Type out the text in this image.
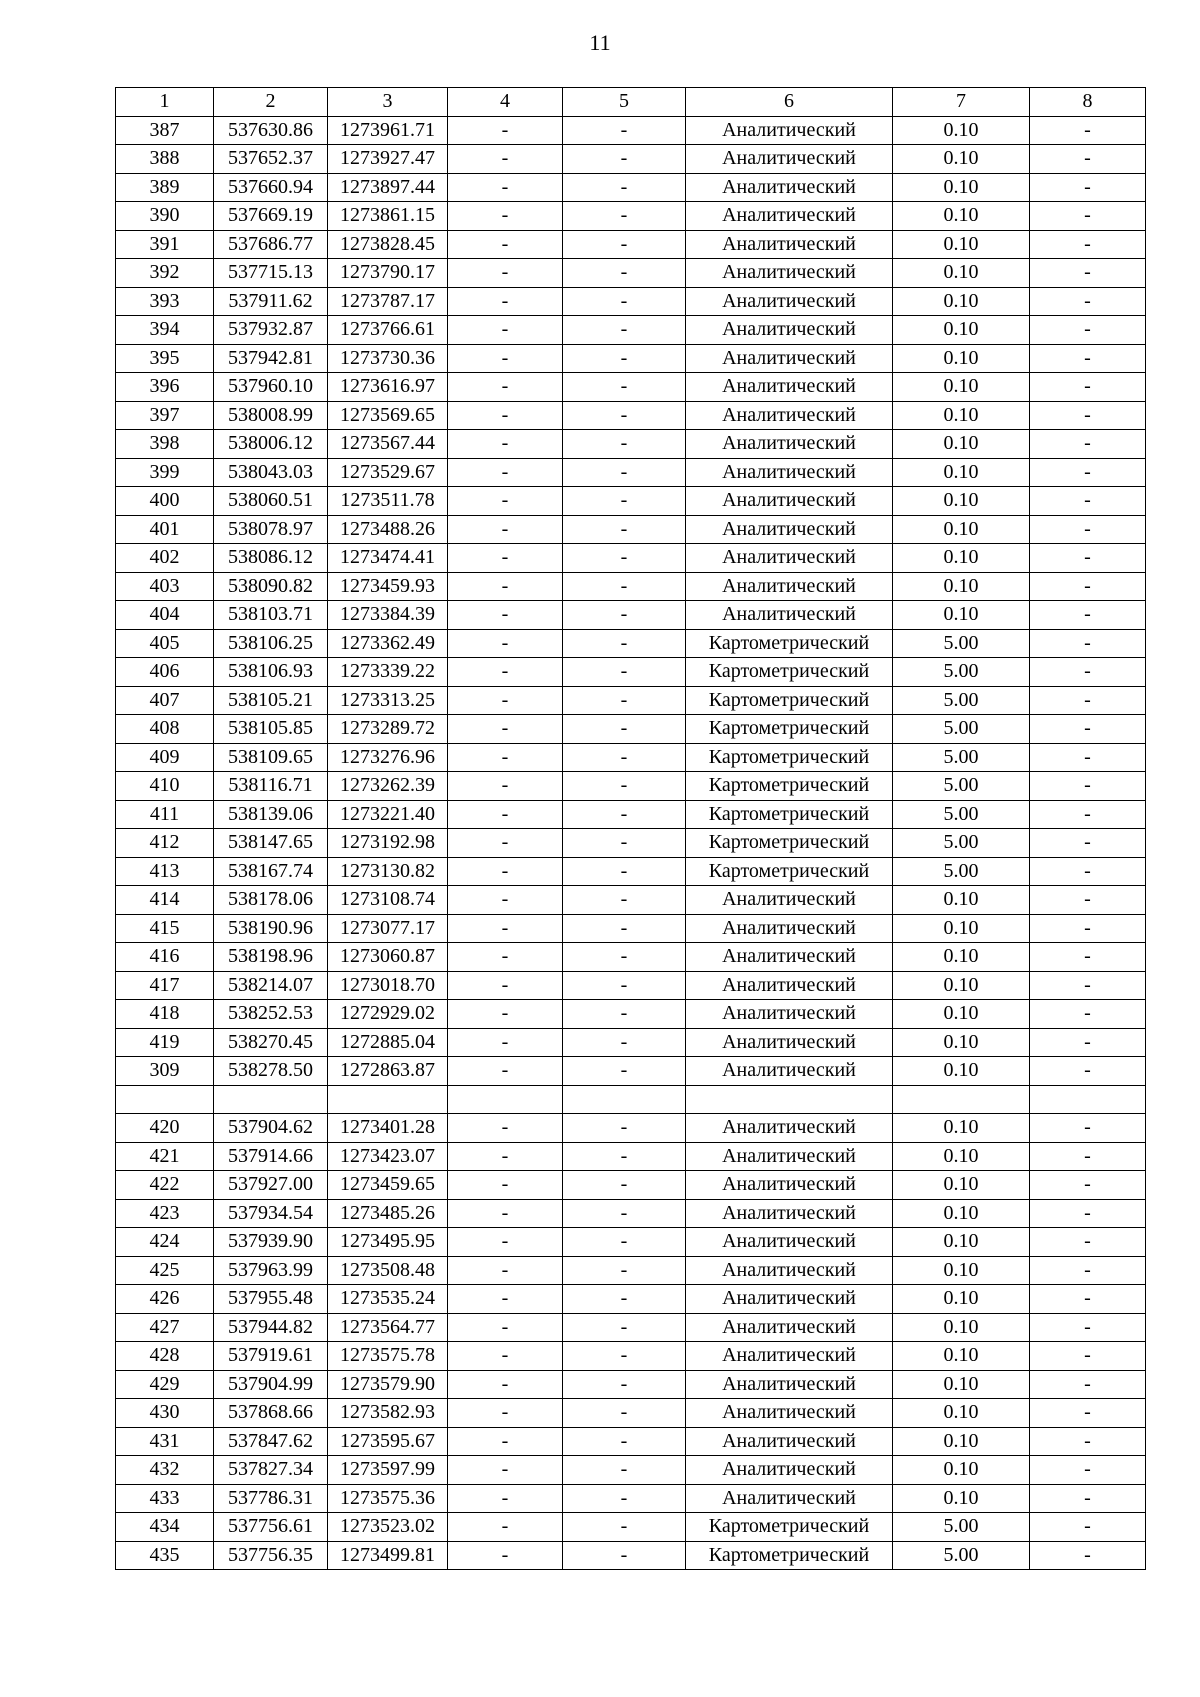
11
1	2	3	4	5	6	7	8
387	537630.86	1273961.71	-	-	Аналитический	0.10	-
388	537652.37	1273927.47	-	-	Аналитический	0.10	-
389	537660.94	1273897.44	-	-	Аналитический	0.10	-
390	537669.19	1273861.15	-	-	Аналитический	0.10	-
391	537686.77	1273828.45	-	-	Аналитический	0.10	-
392	537715.13	1273790.17	-	-	Аналитический	0.10	-
393	537911.62	1273787.17	-	-	Аналитический	0.10	-
394	537932.87	1273766.61	-	-	Аналитический	0.10	-
395	537942.81	1273730.36	-	-	Аналитический	0.10	-
396	537960.10	1273616.97	-	-	Аналитический	0.10	-
397	538008.99	1273569.65	-	-	Аналитический	0.10	-
398	538006.12	1273567.44	-	-	Аналитический	0.10	-
399	538043.03	1273529.67	-	-	Аналитический	0.10	-
400	538060.51	1273511.78	-	-	Аналитический	0.10	-
401	538078.97	1273488.26	-	-	Аналитический	0.10	-
402	538086.12	1273474.41	-	-	Аналитический	0.10	-
403	538090.82	1273459.93	-	-	Аналитический	0.10	-
404	538103.71	1273384.39	-	-	Аналитический	0.10	-
405	538106.25	1273362.49	-	-	Картометрический	5.00	-
406	538106.93	1273339.22	-	-	Картометрический	5.00	-
407	538105.21	1273313.25	-	-	Картометрический	5.00	-
408	538105.85	1273289.72	-	-	Картометрический	5.00	-
409	538109.65	1273276.96	-	-	Картометрический	5.00	-
410	538116.71	1273262.39	-	-	Картометрический	5.00	-
411	538139.06	1273221.40	-	-	Картометрический	5.00	-
412	538147.65	1273192.98	-	-	Картометрический	5.00	-
413	538167.74	1273130.82	-	-	Картометрический	5.00	-
414	538178.06	1273108.74	-	-	Аналитический	0.10	-
415	538190.96	1273077.17	-	-	Аналитический	0.10	-
416	538198.96	1273060.87	-	-	Аналитический	0.10	-
417	538214.07	1273018.70	-	-	Аналитический	0.10	-
418	538252.53	1272929.02	-	-	Аналитический	0.10	-
419	538270.45	1272885.04	-	-	Аналитический	0.10	-
309	538278.50	1272863.87	-	-	Аналитический	0.10	-

420	537904.62	1273401.28	-	-	Аналитический	0.10	-
421	537914.66	1273423.07	-	-	Аналитический	0.10	-
422	537927.00	1273459.65	-	-	Аналитический	0.10	-
423	537934.54	1273485.26	-	-	Аналитический	0.10	-
424	537939.90	1273495.95	-	-	Аналитический	0.10	-
425	537963.99	1273508.48	-	-	Аналитический	0.10	-
426	537955.48	1273535.24	-	-	Аналитический	0.10	-
427	537944.82	1273564.77	-	-	Аналитический	0.10	-
428	537919.61	1273575.78	-	-	Аналитический	0.10	-
429	537904.99	1273579.90	-	-	Аналитический	0.10	-
430	537868.66	1273582.93	-	-	Аналитический	0.10	-
431	537847.62	1273595.67	-	-	Аналитический	0.10	-
432	537827.34	1273597.99	-	-	Аналитический	0.10	-
433	537786.31	1273575.36	-	-	Аналитический	0.10	-
434	537756.61	1273523.02	-	-	Картометрический	5.00	-
435	537756.35	1273499.81	-	-	Картометрический	5.00	-
